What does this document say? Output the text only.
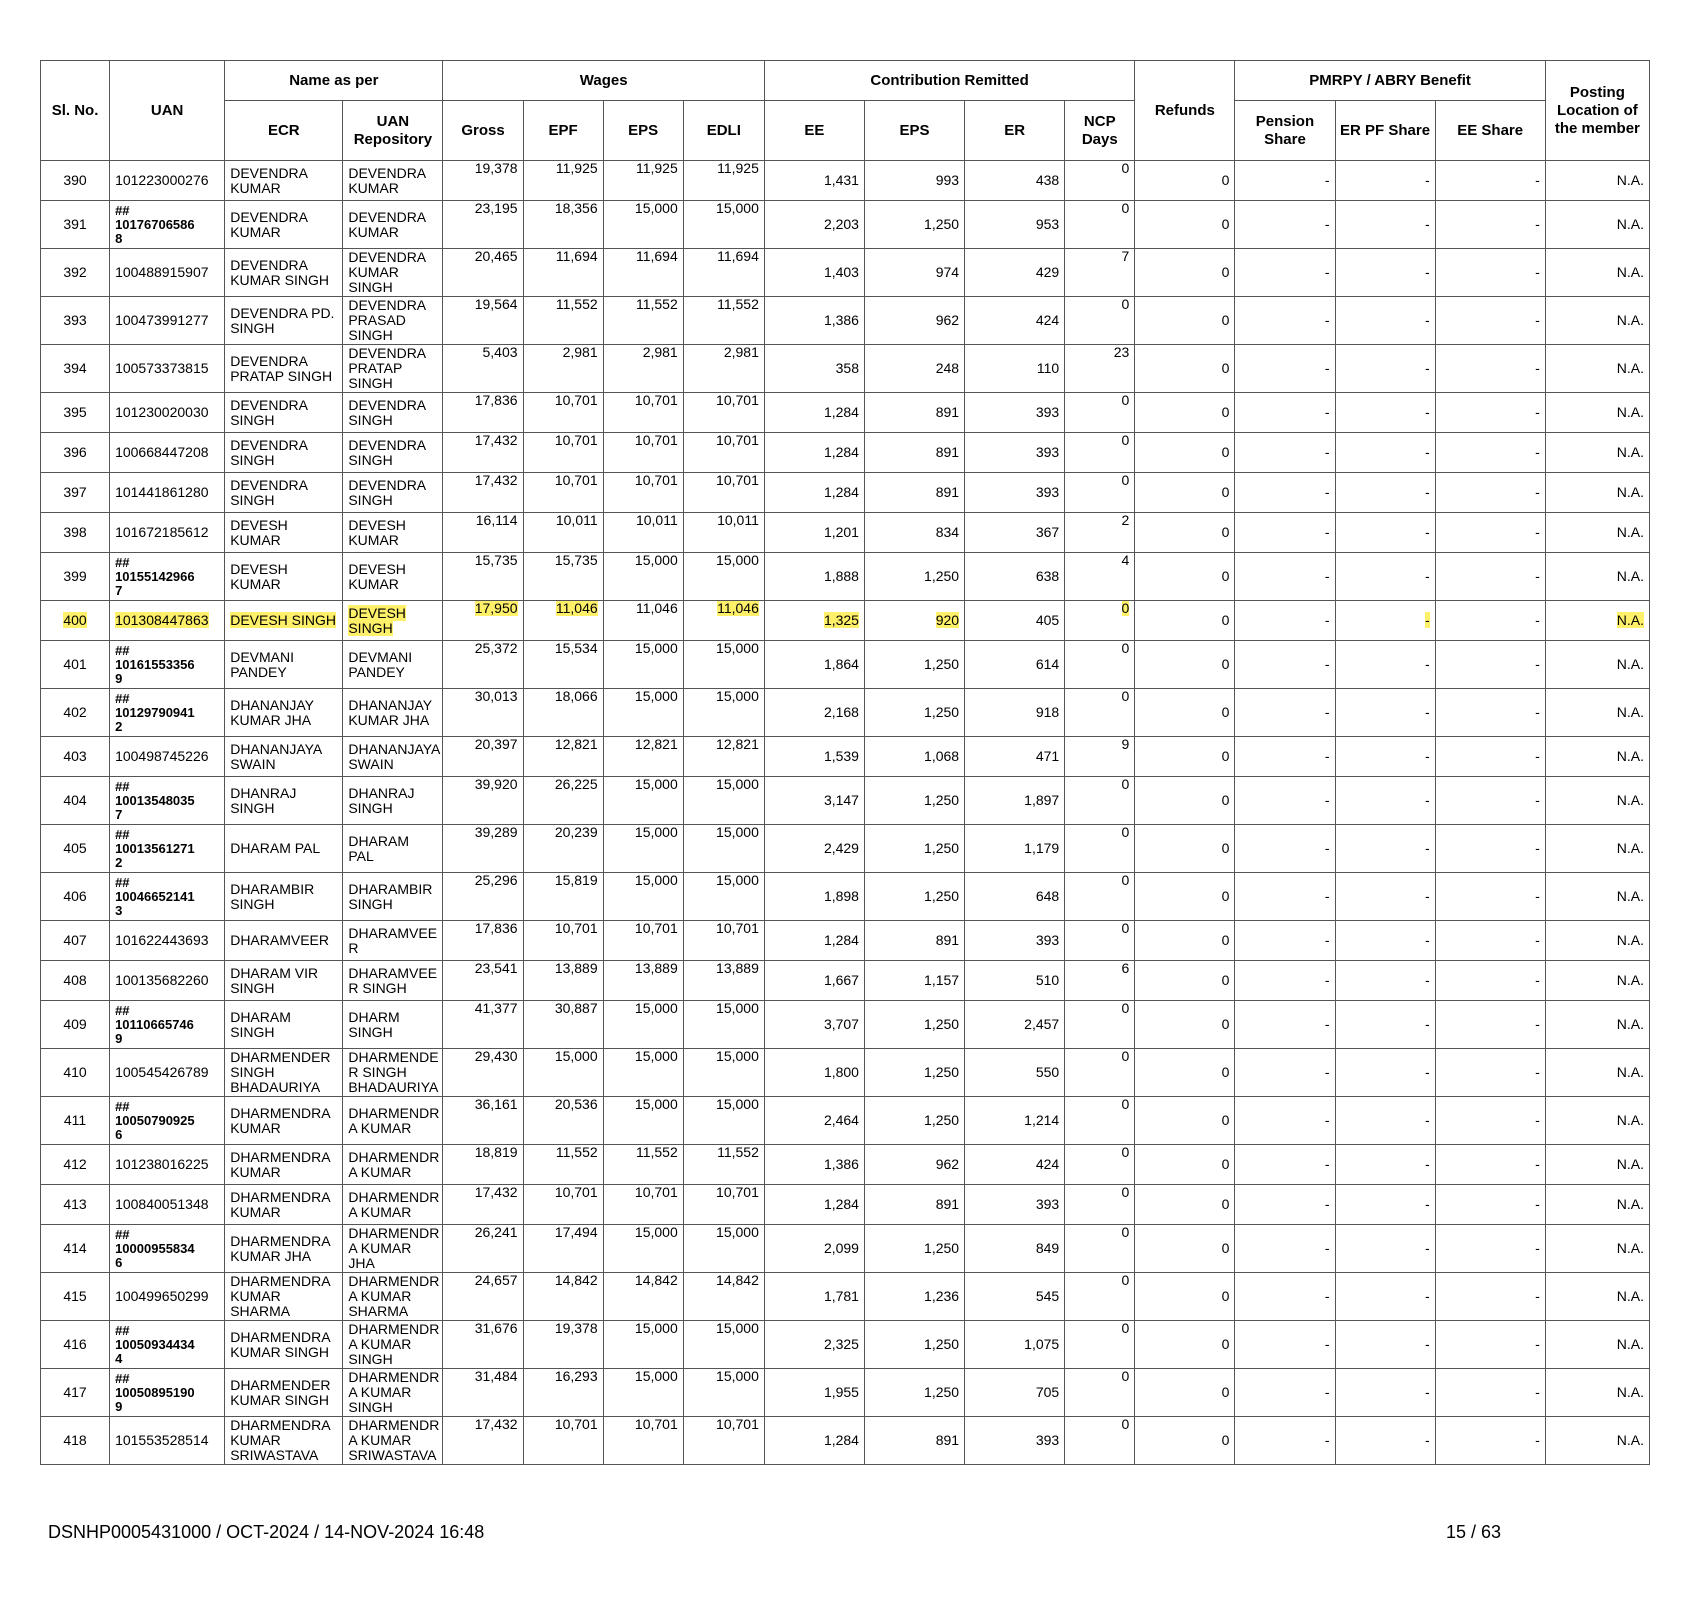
Sl. No.	UAN	Name as per		Wages				Contribution Remitted				Refunds	PMRPY / ABRY Benefit			Posting Location of the member
		ECR	UAN Repository	Gross	EPF	EPS	EDLI	EE	EPS	ER	NCP Days		Pension Share	ER PF Share	EE Share	
390	101223000276	DEVENDRA KUMAR	DEVENDRA KUMAR	19,378	11,925	11,925	11,925	1,431	993	438	0	0	-	-	-	N.A.
391	##
10176706586
8	DEVENDRA KUMAR	DEVENDRA KUMAR	23,195	18,356	15,000	15,000	2,203	1,250	953	0	0	-	-	-	N.A.
392	100488915907	DEVENDRA KUMAR SINGH	DEVENDRA KUMAR SINGH	20,465	11,694	11,694	11,694	1,403	974	429	7	0	-	-	-	N.A.
393	100473991277	DEVENDRA PD. SINGH	DEVENDRA PRASAD SINGH	19,564	11,552	11,552	11,552	1,386	962	424	0	0	-	-	-	N.A.
394	100573373815	DEVENDRA PRATAP SINGH	DEVENDRA PRATAP SINGH	5,403	2,981	2,981	2,981	358	248	110	23	0	-	-	-	N.A.
395	101230020030	DEVENDRA SINGH	DEVENDRA SINGH	17,836	10,701	10,701	10,701	1,284	891	393	0	0	-	-	-	N.A.
396	100668447208	DEVENDRA SINGH	DEVENDRA SINGH	17,432	10,701	10,701	10,701	1,284	891	393	0	0	-	-	-	N.A.
397	101441861280	DEVENDRA SINGH	DEVENDRA SINGH	17,432	10,701	10,701	10,701	1,284	891	393	0	0	-	-	-	N.A.
398	101672185612	DEVESH KUMAR	DEVESH KUMAR	16,114	10,011	10,011	10,011	1,201	834	367	2	0	-	-	-	N.A.
399	##
10155142966
7	DEVESH KUMAR	DEVESH KUMAR	15,735	15,735	15,000	15,000	1,888	1,250	638	4	0	-	-	-	N.A.
400	101308447863	DEVESH SINGH	DEVESH SINGH	17,950	11,046	11,046	11,046	1,325	920	405	0	0	-	-	-	N.A.
401	##
10161553356
9	DEVMANI PANDEY	DEVMANI PANDEY	25,372	15,534	15,000	15,000	1,864	1,250	614	0	0	-	-	-	N.A.
402	##
10129790941
2	DHANANJAY KUMAR JHA	DHANANJAY KUMAR JHA	30,013	18,066	15,000	15,000	2,168	1,250	918	0	0	-	-	-	N.A.
403	100498745226	DHANANJAYA SWAIN	DHANANJAYA SWAIN	20,397	12,821	12,821	12,821	1,539	1,068	471	9	0	-	-	-	N.A.
404	##
10013548035
7	DHANRAJ SINGH	DHANRAJ SINGH	39,920	26,225	15,000	15,000	3,147	1,250	1,897	0	0	-	-	-	N.A.
405	##
10013561271
2	DHARAM PAL	DHARAM PAL	39,289	20,239	15,000	15,000	2,429	1,250	1,179	0	0	-	-	-	N.A.
406	##
10046652141
3	DHARAMBIR SINGH	DHARAMBIR SINGH	25,296	15,819	15,000	15,000	1,898	1,250	648	0	0	-	-	-	N.A.
407	101622443693	DHARAMVEER	DHARAMVEE R	17,836	10,701	10,701	10,701	1,284	891	393	0	0	-	-	-	N.A.
408	100135682260	DHARAM VIR SINGH	DHARAMVEE R SINGH	23,541	13,889	13,889	13,889	1,667	1,157	510	6	0	-	-	-	N.A.
409	##
10110665746
9	DHARAM SINGH	DHARM SINGH	41,377	30,887	15,000	15,000	3,707	1,250	2,457	0	0	-	-	-	N.A.
410	100545426789	DHARMENDER SINGH BHADAURIYA	DHARMENDE R SINGH BHADAURIYA	29,430	15,000	15,000	15,000	1,800	1,250	550	0	0	-	-	-	N.A.
411	##
10050790925
6	DHARMENDRA KUMAR	DHARMENDR A KUMAR	36,161	20,536	15,000	15,000	2,464	1,250	1,214	0	0	-	-	-	N.A.
412	101238016225	DHARMENDRA KUMAR	DHARMENDR A KUMAR	18,819	11,552	11,552	11,552	1,386	962	424	0	0	-	-	-	N.A.
413	100840051348	DHARMENDRA KUMAR	DHARMENDR A KUMAR	17,432	10,701	10,701	10,701	1,284	891	393	0	0	-	-	-	N.A.
414	##
10000955834
6	DHARMENDRA KUMAR JHA	DHARMENDR A KUMAR JHA	26,241	17,494	15,000	15,000	2,099	1,250	849	0	0	-	-	-	N.A.
415	100499650299	DHARMENDRA KUMAR SHARMA	DHARMENDR A KUMAR SHARMA	24,657	14,842	14,842	14,842	1,781	1,236	545	0	0	-	-	-	N.A.
416	##
10050934434
4	DHARMENDRA KUMAR SINGH	DHARMENDR A KUMAR SINGH	31,676	19,378	15,000	15,000	2,325	1,250	1,075	0	0	-	-	-	N.A.
417	##
10050895190
9	DHARMENDER KUMAR SINGH	DHARMENDR A KUMAR SINGH	31,484	16,293	15,000	15,000	1,955	1,250	705	0	0	-	-	-	N.A.
418	101553528514	DHARMENDRA KUMAR SRIWASTAVA	DHARMENDR A KUMAR SRIWASTAVA	17,432	10,701	10,701	10,701	1,284	891	393	0	0	-	-	-	N.A.
DSNHP0005431000 / OCT-2024 / 14-NOV-2024 16:48	15 / 63
